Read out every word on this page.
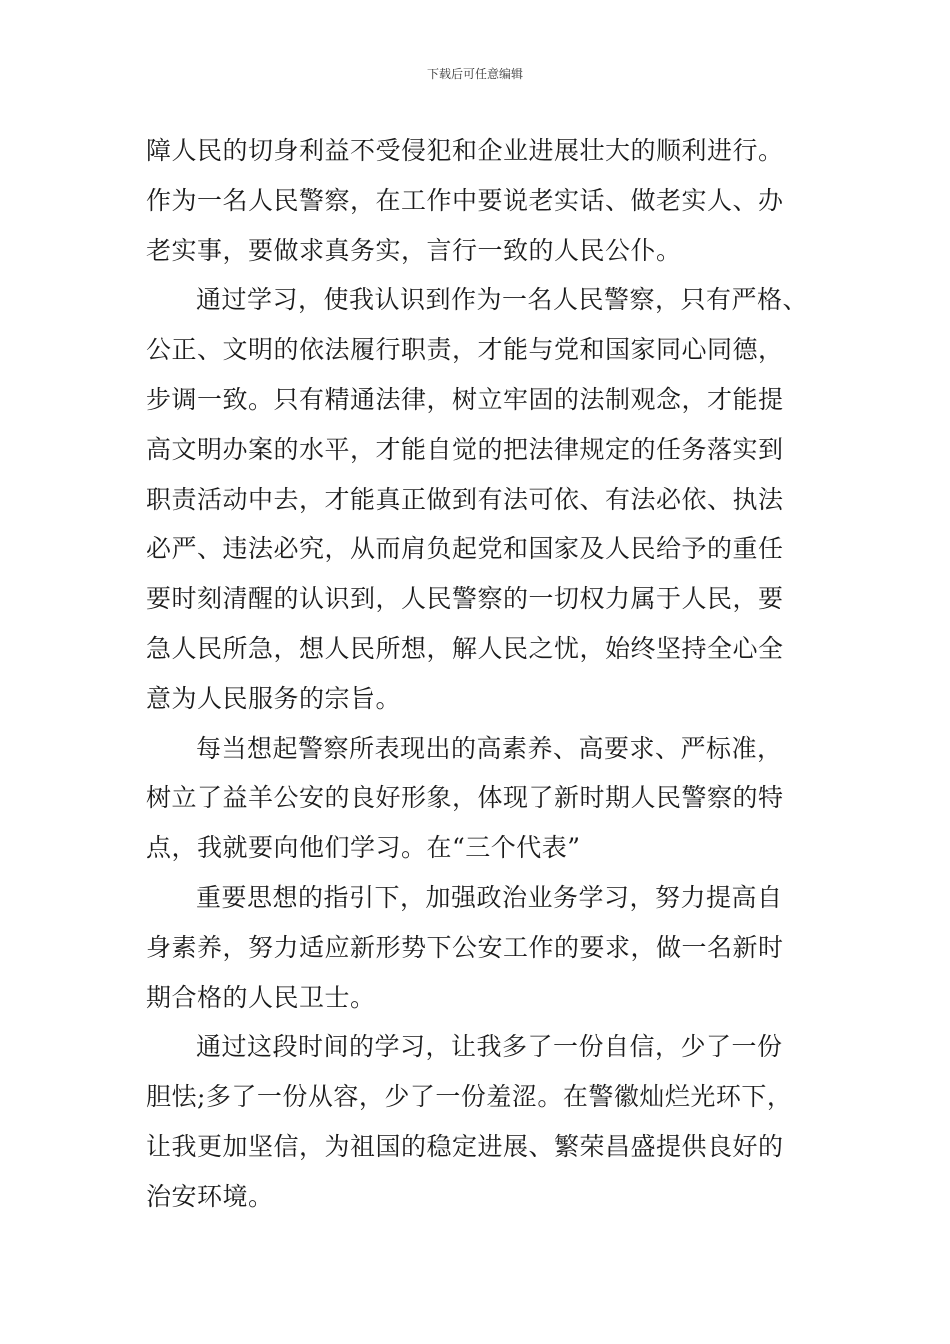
下载后可任意编辑
障人民的切身利益不受侵犯和企业进展壮大的顺利进行。
作为一名人民警察，在工作中要说老实话、做老实人、办
老实事，要做求真务实，言行一致的人民公仆。
通过学习，使我认识到作为一名人民警察，只有严格、
公正、文明的依法履行职责，才能与党和国家同心同德，
步调一致。只有精通法律，树立牢固的法制观念，才能提
高文明办案的水平，才能自觉的把法律规定的任务落实到
职责活动中去，才能真正做到有法可依、有法必依、执法
必严、违法必究，从而肩负起党和国家及人民给予的重任
要时刻清醒的认识到，人民警察的一切权力属于人民，要
急人民所急，想人民所想，解人民之忧，始终坚持全心全
意为人民服务的宗旨。
每当想起警察所表现出的高素养、高要求、严标准，
树立了益羊公安的良好形象，体现了新时期人民警察的特
点，我就要向他们学习。在“三个代表”
重要思想的指引下，加强政治业务学习，努力提高自
身素养，努力适应新形势下公安工作的要求，做一名新时
期合格的人民卫士。
通过这段时间的学习，让我多了一份自信，少了一份
胆怯;多了一份从容，少了一份羞涩。在警徽灿烂光环下，
让我更加坚信，为祖国的稳定进展、繁荣昌盛提供良好的
治安环境。
